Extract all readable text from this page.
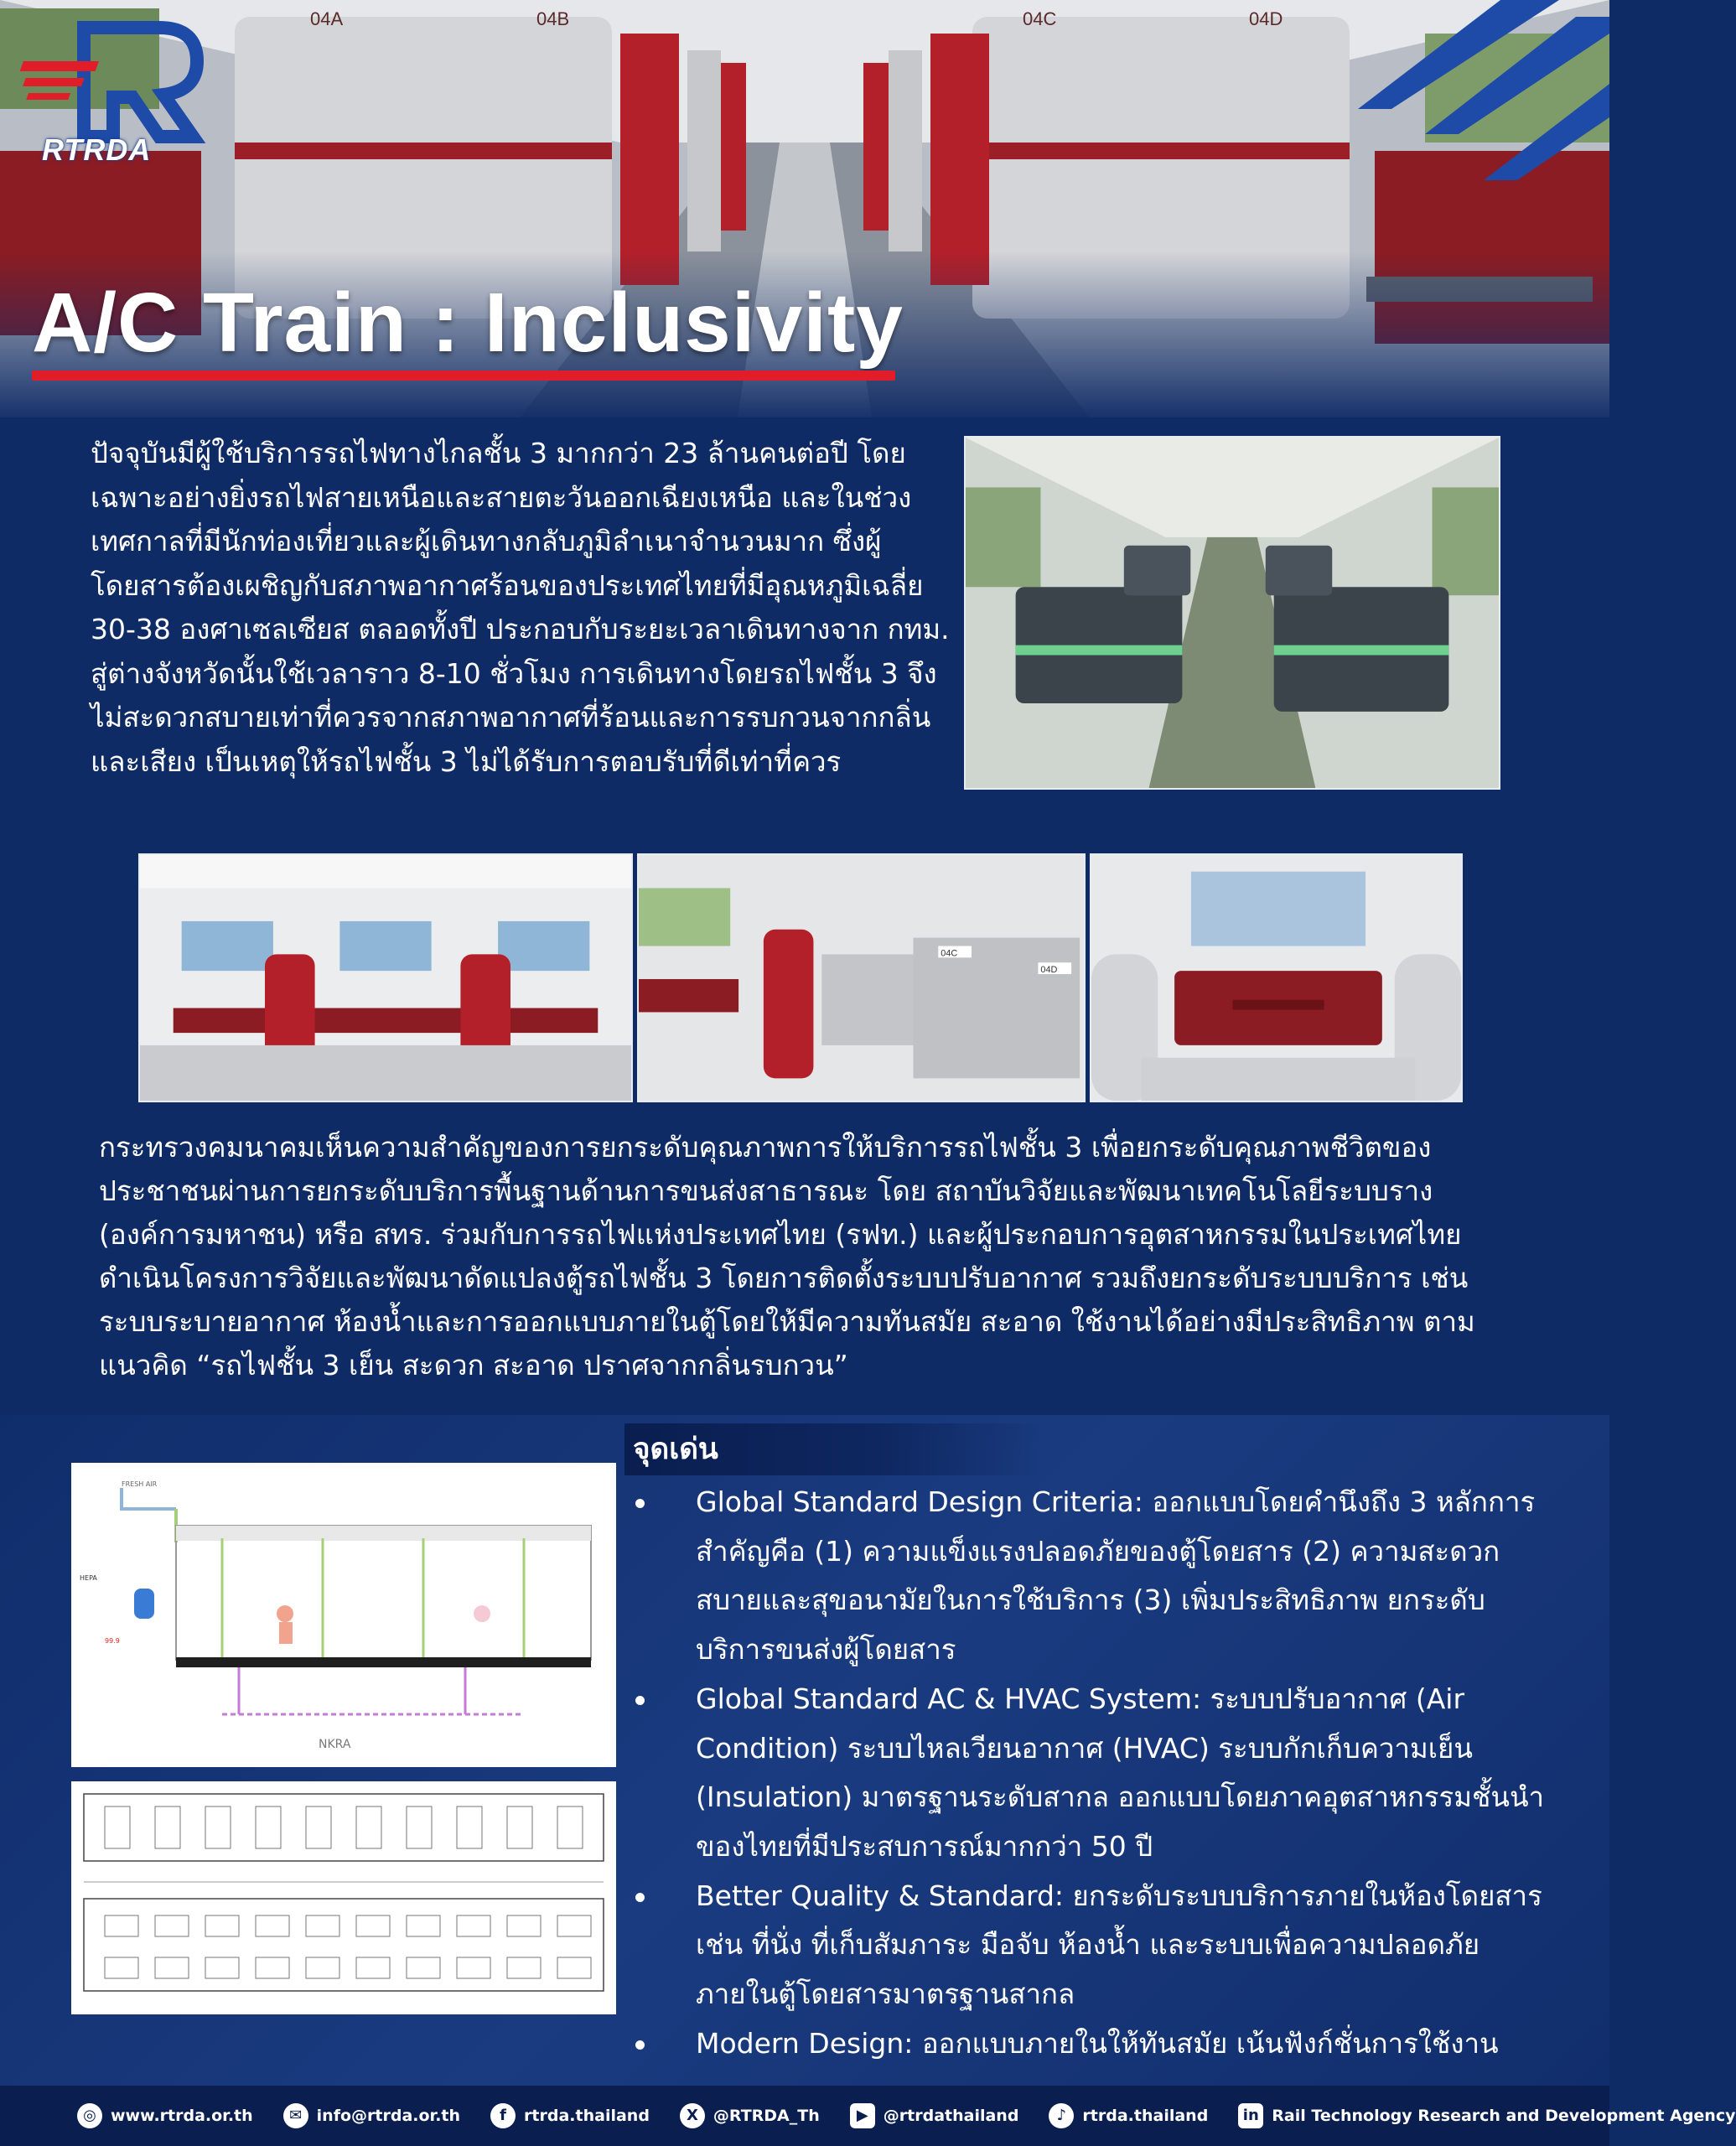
04A	04B	04C	04D
RTRDA
A/C Train : Inclusivity

ปัจจุบันมีผู้ใช้บริการรถไฟทางไกลชั้น 3 มากกว่า 23 ล้านคนต่อปี โดยเฉพาะอย่างยิ่งรถไฟสายเหนือและสายตะวันออกเฉียงเหนือ และในช่วงเทศกาลที่มีนักท่องเที่ยวและผู้เดินทางกลับภูมิลำเนาจำนวนมาก ซึ่งผู้โดยสารต้องเผชิญกับสภาพอากาศร้อนของประเทศไทยที่มีอุณหภูมิเฉลี่ย 30-38 องศาเซลเซียส ตลอดทั้งปี ประกอบกับระยะเวลาเดินทางจาก กทม. สู่ต่างจังหวัดนั้นใช้เวลาราว 8-10 ชั่วโมง การเดินทางโดยรถไฟชั้น 3 จึงไม่สะดวกสบายเท่าที่ควรจากสภาพอากาศที่ร้อนและการรบกวนจากกลิ่นและเสียง เป็นเหตุให้รถไฟชั้น 3 ไม่ได้รับการตอบรับที่ดีเท่าที่ควร

04C
04D

กระทรวงคมนาคมเห็นความสำคัญของการยกระดับคุณภาพการให้บริการรถไฟชั้น 3 เพื่อยกระดับคุณภาพชีวิตของประชาชนผ่านการยกระดับบริการพื้นฐานด้านการขนส่งสาธารณะ โดย สถาบันวิจัยและพัฒนาเทคโนโลยีระบบราง (องค์การมหาชน) หรือ สทร. ร่วมกับการรถไฟแห่งประเทศไทย (รฟท.) และผู้ประกอบการอุตสาหกรรมในประเทศไทย ดำเนินโครงการวิจัยและพัฒนาดัดแปลงตู้รถไฟชั้น 3 โดยการติดตั้งระบบปรับอากาศ รวมถึงยกระดับระบบบริการ เช่น ระบบระบายอากาศ ห้องน้ำและการออกแบบภายในตู้โดยให้มีความทันสมัย สะอาด ใช้งานได้อย่างมีประสิทธิภาพ ตามแนวคิด “รถไฟชั้น 3 เย็น สะดวก สะอาด ปราศจากกลิ่นรบกวน”

FRESH AIR
HEPA
99.9
NKRA
จุดเด่น
Global Standard Design Criteria: ออกแบบโดยคำนึงถึง 3 หลักการสำคัญคือ (1) ความแข็งแรงปลอดภัยของตู้โดยสาร (2) ความสะดวกสบายและสุขอนามัยในการใช้บริการ (3) เพิ่มประสิทธิภาพ ยกระดับบริการขนส่งผู้โดยสาร
Global Standard AC & HVAC System: ระบบปรับอากาศ (Air Condition) ระบบไหลเวียนอากาศ (HVAC) ระบบกักเก็บความเย็น (Insulation) มาตรฐานระดับสากล ออกแบบโดยภาคอุตสาหกรรมชั้นนำของไทยที่มีประสบการณ์มากกว่า 50 ปี
Better Quality & Standard: ยกระดับระบบบริการภายในห้องโดยสาร เช่น ที่นั่ง ที่เก็บสัมภาระ มือจับ ห้องน้ำ และระบบเพื่อความปลอดภัยภายในตู้โดยสารมาตรฐานสากล
Modern Design: ออกแบบภายในให้ทันสมัย เน้นฟังก์ชั่นการใช้งาน
◎ www.rtrda.or.th	✉ info@rtrda.or.th	f	rtrda.thailand	X @RTRDA_Th	▶ @rtrdathailand	♪	rtrda.thailand	in Rail Technology Research and Development Agency
